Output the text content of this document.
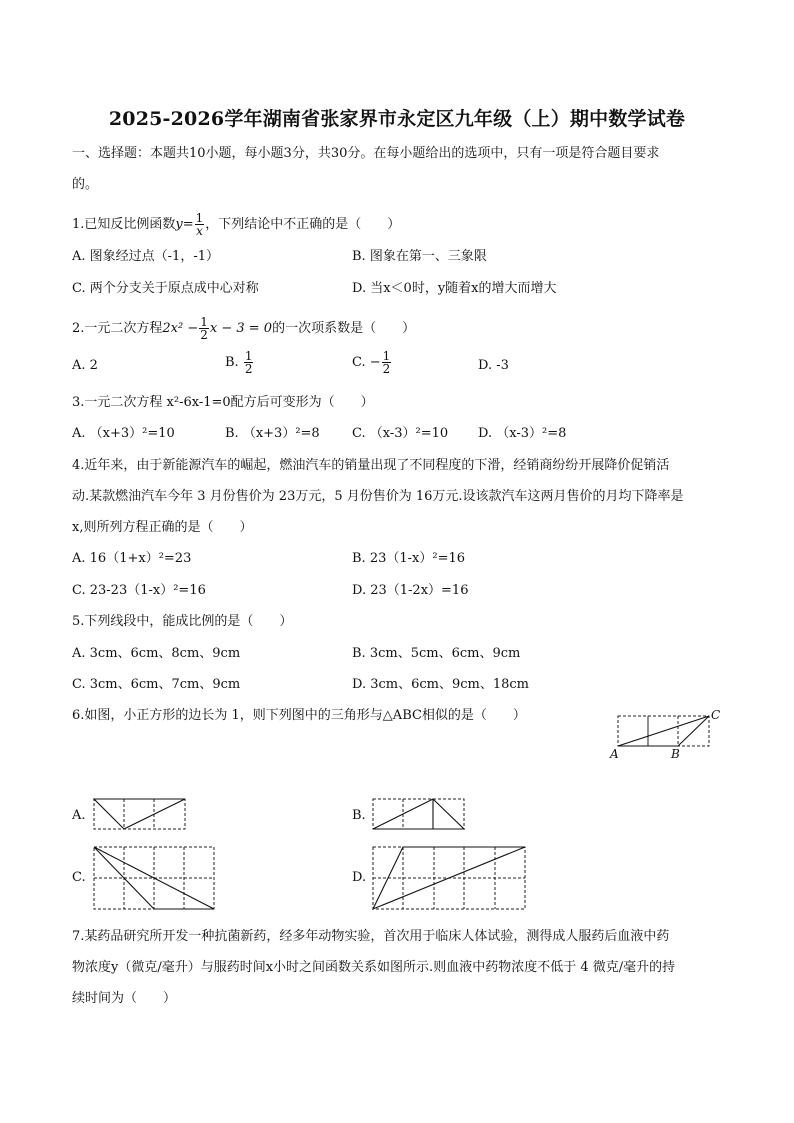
2025-2026学年湖南省张家界市永定区九年级（上）期中数学试卷
一、选择题：本题共10小题，每小题3分，共30分。在每小题给出的选项中，只有一项是符合题目要求
的。
1.已知反比例函数$y= \frac{1}{x}$ ，下列结论中不正确的是（　　）
A. 图象经过点（-1，-1）	B. 图象在第一、三象限
C. 两个分支关于原点成中心对称	D. 当x＜0时，y随着x的增大而增大
2.一元二次方程$2x^2 - \frac{1}{2}$ x − 3 = 0的一次项系数是（　　）
A. 2	B. $\frac{1}{2}$	C. − $\frac{1}{2}$	D. -3
3.一元二次方程 x²-6x-1=0配方后可变形为（　　）
A. （x+3）²=10	B. （x+3）²=8 C. （x-3）²=10 D. （x-3）²=8
4.近年来，由于新能源汽车的崛起，燃油汽车的销量出现了不同程度的下滑，经销商纷纷开展降价促销活
动.某款燃油汽车今年 3 月份售价为 23万元，5 月份售价为 16万元.设该款汽车这两月售价的月均下降率是
x,则所列方程正确的是（　　）
A. 16（1+x）²=23	B. 23（1-x）²=16
C. 23-23（1-x）²=16	D. 23（1-2x）=16
5.下列线段中，能成比例的是（　　）
A. 3cm、6cm、8cm、9cm	B. 3cm、5cm、6cm、9cm
C. 3cm、6cm、7cm、9cm	D. 3cm、6cm、9cm、18cm
6.如图，小正方形的边长为 1，则下列图中的三角形与△ABC相似的是（　　）
A	B
C
A.	B.
C.	D.
7.某药品研究所开发一种抗菌新药，经多年动物实验，首次用于临床人体试验，测得成人服药后血液中药
物浓度y（微克/毫升）与服药时间x小时之间函数关系如图所示.则血液中药物浓度不低于 4 微克/毫升的持
续时间为（　　）
